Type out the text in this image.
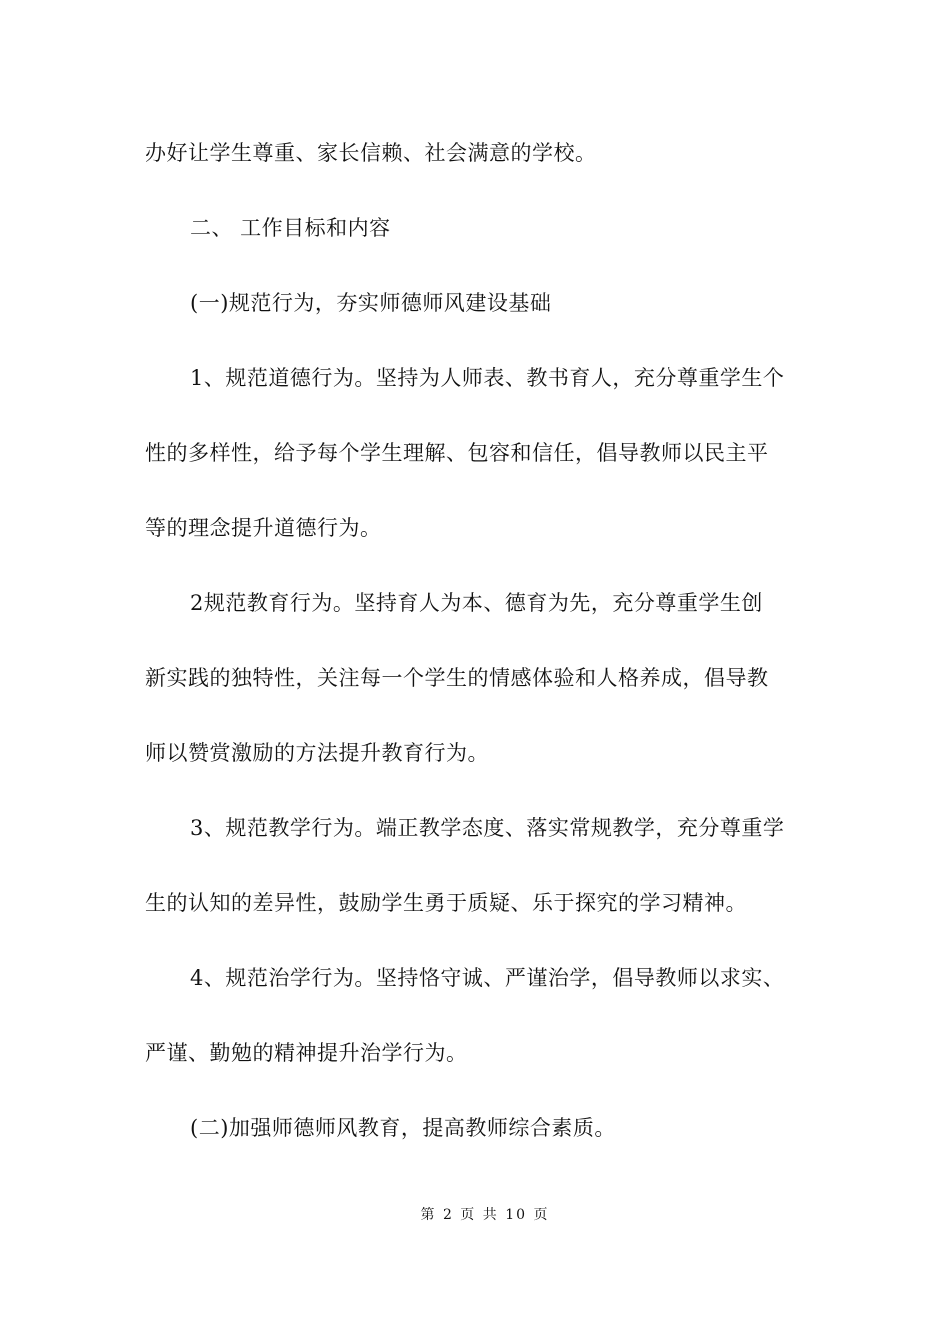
办好让学生尊重、家长信赖、社会满意的学校。
二、 工作目标和内容
(一)规范行为，夯实师德师风建设基础
1、规范道德行为。坚持为人师表、教书育人，充分尊重学生个
性的多样性，给予每个学生理解、包容和信任，倡导教师以民主平
等的理念提升道德行为。
2规范教育行为。坚持育人为本、德育为先，充分尊重学生创
新实践的独特性，关注每一个学生的情感体验和人格养成，倡导教
师以赞赏激励的方法提升教育行为。
3、规范教学行为。端正教学态度、落实常规教学，充分尊重学
生的认知的差异性，鼓励学生勇于质疑、乐于探究的学习精神。
4、规范治学行为。坚持恪守诚、严谨治学，倡导教师以求实、
严谨、勤勉的精神提升治学行为。
(二)加强师德师风教育，提高教师综合素质。
第 2 页 共 10 页
